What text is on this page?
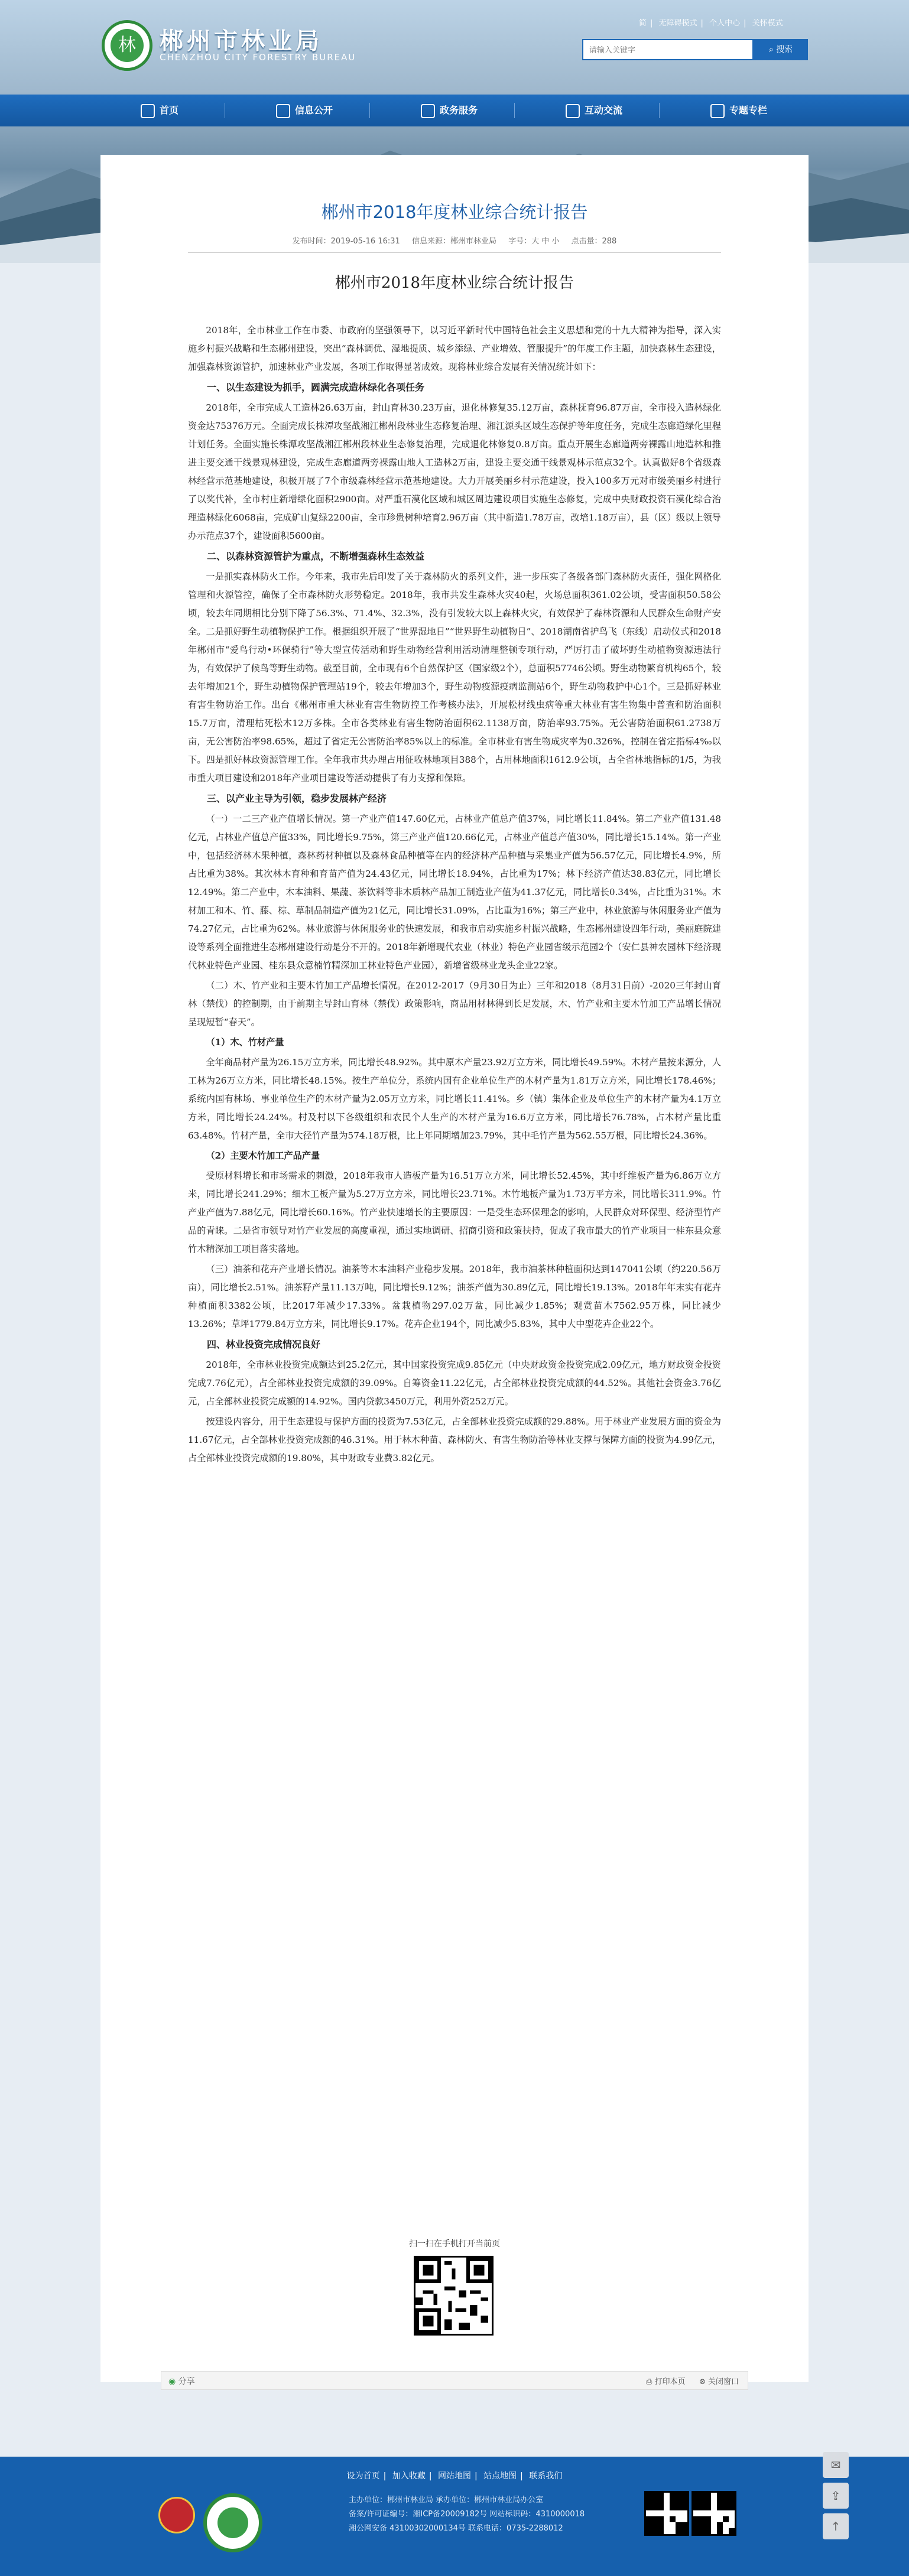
林	郴州市林业局
CHENZHOU CITY FORESTRY BUREAU
简 | 无障碍模式 | 个人中心 | 关怀模式
请输入关键字
⌕ 搜索
首页	信息公开	政务服务	互动交流	专题专栏
郴州市2018年度林业综合统计报告
发布时间：2019-05-16 16:31 信息来源：郴州市林业局 字号：大 中 小 点击量：288
郴州市2018年度林业综合统计报告

2018年，全市林业工作在市委、市政府的坚强领导下，以习近平新时代中国特色社会主义思想和党的十九大精神为指导，深入实施乡村振兴战略和生态郴州建设，突出“森林调优、湿地提质、城乡添绿、产业增效、管服提升”的年度工作主题，加快森林生态建设，加强森林资源管护，加速林业产业发展，各项工作取得显著成效。现将林业综合发展有关情况统计如下：

一、以生态建设为抓手，圆满完成造林绿化各项任务

2018年，全市完成人工造林26.63万亩，封山育林30.23万亩，退化林修复35.12万亩，森林抚育96.87万亩，全市投入造林绿化资金达75376万元。全面完成长株潭攻坚战湘江郴州段林业生态修复治理、湘江源头区域生态保护等年度任务，完成生态廊道绿化里程计划任务。全面实施长株潭攻坚战湘江郴州段林业生态修复治理，完成退化林修复0.8万亩。重点开展生态廊道两旁裸露山地造林和推进主要交通干线景观林建设，完成生态廊道两旁裸露山地人工造林2万亩，建设主要交通干线景观林示范点32个。认真做好8个省级森林经营示范基地建设，积极开展了7个市级森林经营示范基地建设。大力开展美丽乡村示范建设，投入100多万元对市级美丽乡村进行了以奖代补，全市村庄新增绿化面积2900亩。对严重石漠化区域和城区周边建设项目实施生态修复，完成中央财政投资石漠化综合治理造林绿化6068亩，完成矿山复绿2200亩，全市珍贵树种培育2.96万亩（其中新造1.78万亩，改培1.18万亩），县（区）级以上领导办示范点37个，建设面积5600亩。

二、以森林资源管护为重点，不断增强森林生态效益

一是抓实森林防火工作。今年来，我市先后印发了关于森林防火的系列文件，进一步压实了各级各部门森林防火责任，强化网格化管理和火源管控，确保了全市森林防火形势稳定。2018年，我市共发生森林火灾40起，火场总面积361.02公顷，受害面积50.58公顷，较去年同期相比分别下降了56.3%、71.4%、32.3%，没有引发较大以上森林火灾，有效保护了森林资源和人民群众生命财产安全。二是抓好野生动植物保护工作。根据组织开展了“世界湿地日”“世界野生动植物日”、2018湖南省护鸟飞（东线）启动仪式和2018年郴州市“爱鸟行动•环保骑行”等大型宣传活动和野生动物经营利用活动清理整顿专项行动，严厉打击了破坏野生动植物资源违法行为，有效保护了候鸟等野生动物。截至目前，全市现有6个自然保护区（国家级2个），总面积57746公顷。野生动物繁育机构65个，较去年增加21个，野生动植物保护管理站19个，较去年增加3个，野生动物疫源疫病监测站6个，野生动物救护中心1个。三是抓好林业有害生物防治工作。出台《郴州市重大林业有害生物防控工作考核办法》，开展松材线虫病等重大林业有害生物集中普查和防治面积15.7万亩，清理枯死松木12万多株。全市各类林业有害生物防治面积62.1138万亩，防治率93.75%。无公害防治面积61.2738万亩，无公害防治率98.65%，超过了省定无公害防治率85%以上的标准。全市林业有害生物成灾率为0.326%，控制在省定指标4‰以下。四是抓好林政资源管理工作。全年我市共办理占用征收林地项目388个，占用林地面积1612.9公顷，占全省林地指标的1/5，为我市重大项目建设和2018年产业项目建设等活动提供了有力支撑和保障。

三、以产业主导为引领，稳步发展林产经济

（一）一二三产业产值增长情况。第一产业产值147.60亿元，占林业产值总产值37%，同比增长11.84%。第二产业产值131.48亿元，占林业产值总产值33%，同比增长9.75%，第三产业产值120.66亿元，占林业产值总产值30%，同比增长15.14%。第一产业中，包括经济林木果种植，森林药材种植以及森林食品种植等在内的经济林产品种植与采集业产值为56.57亿元，同比增长4.9%，所占比重为38%。其次林木育种和育苗产值为24.43亿元，同比增长18.94%，占比重为17%；林下经济产值达38.83亿元，同比增长12.49%。第二产业中，木本油料、果蔬、茶饮料等非木质林产品加工制造业产值为41.37亿元，同比增长0.34%，占比重为31%。木材加工和木、竹、藤、棕、草制品制造产值为21亿元，同比增长31.09%，占比重为16%；第三产业中，林业旅游与休闲服务业产值为74.27亿元，占比重为62%。林业旅游与休闲服务业的快速发展，和我市启动实施乡村振兴战略，生态郴州建设四年行动，美丽庭院建设等系列全面推进生态郴州建设行动是分不开的。2018年新增现代农业（林业）特色产业园省级示范园2个（安仁县神农园林下经济现代林业特色产业园、桂东县众意楠竹精深加工林业特色产业园），新增省级林业龙头企业22家。

（二）木、竹产业和主要木竹加工产品增长情况。在2012-2017（9月30日为止）三年和2018（8月31日前）-2020三年封山育林（禁伐）的控制期，由于前期主导封山育林（禁伐）政策影响，商品用材林得到长足发展，木、竹产业和主要木竹加工产品增长情况呈现短暂“春天”。

（1）木、竹材产量

全年商品材产量为26.15万立方米，同比增长48.92%。其中原木产量23.92万立方米，同比增长49.59%。木材产量按来源分，人工林为26万立方米，同比增长48.15%。按生产单位分，系统内国有企业单位生产的木材产量为1.81万立方米，同比增长178.46%；系统内国有林场、事业单位生产的木材产量为2.05万立方米，同比增长11.41%。乡（镇）集体企业及单位生产的木材产量为4.1万立方米，同比增长24.24%。村及村以下各级组织和农民个人生产的木材产量为16.6万立方米，同比增长76.78%，占木材产量比重63.48%。竹材产量，全市大径竹产量为574.18万根，比上年同期增加23.79%，其中毛竹产量为562.55万根，同比增长24.36%。

（2）主要木竹加工产品产量

受原材料增长和市场需求的刺激，2018年我市人造板产量为16.51万立方米，同比增长52.45%，其中纤维板产量为6.86万立方米，同比增长241.29%；细木工板产量为5.27万立方米，同比增长23.71%。木竹地板产量为1.73万平方米，同比增长311.9%。竹产业产值为7.88亿元，同比增长60.16%。竹产业快速增长的主要原因：一是受生态环保理念的影响，人民群众对环保型、经济型竹产品的青睐。二是省市领导对竹产业发展的高度重视，通过实地调研、招商引资和政策扶持，促成了我市最大的竹产业项目一桂东县众意竹木精深加工项目落实落地。

（三）油茶和花卉产业增长情况。油茶等木本油料产业稳步发展。2018年，我市油茶林种植面积达到147041公顷（约220.56万亩），同比增长2.51%。油茶籽产量11.13万吨，同比增长9.12%；油茶产值为30.89亿元，同比增长19.13%。2018年年末实有花卉种植面积3382公顷，比2017年减少17.33%。盆栽植物297.02万盆，同比减少1.85%；观赏苗木7562.95万株，同比减少13.26%；草坪1779.84万立方米，同比增长9.17%。花卉企业194个，同比减少5.83%，其中大中型花卉企业22个。

四、林业投资完成情况良好

2018年，全市林业投资完成额达到25.2亿元，其中国家投资完成9.85亿元（中央财政资金投资完成2.09亿元，地方财政资金投资完成7.76亿元），占全部林业投资完成额的39.09%。自筹资金11.22亿元，占全部林业投资完成额的44.52%。其他社会资金3.76亿元，占全部林业投资完成额的14.92%。国内贷款3450万元，利用外资252万元。

按建设内容分，用于生态建设与保护方面的投资为7.53亿元，占全部林业投资完成额的29.88%。用于林业产业发展方面的资金为11.67亿元，占全部林业投资完成额的46.31%。用于林木种苗、森林防火、有害生物防治等林业支撑与保障方面的投资为4.99亿元，占全部林业投资完成额的19.80%，其中财政专业费3.82亿元。

扫一扫在手机打开当前页
◉ 分享	⎙ 打印本页 ⊗ 关闭窗口
设为首页 | 加入收藏 | 网站地图 | 站点地图 | 联系我们
主办单位：郴州市林业局 承办单位：郴州市林业局办公室
备案/许可证编号：湘ICP备20009182号 网站标识码：4310000018
湘公网安备 43100302000134号 联系电话：0735-2288012
✉
⇪
↑
